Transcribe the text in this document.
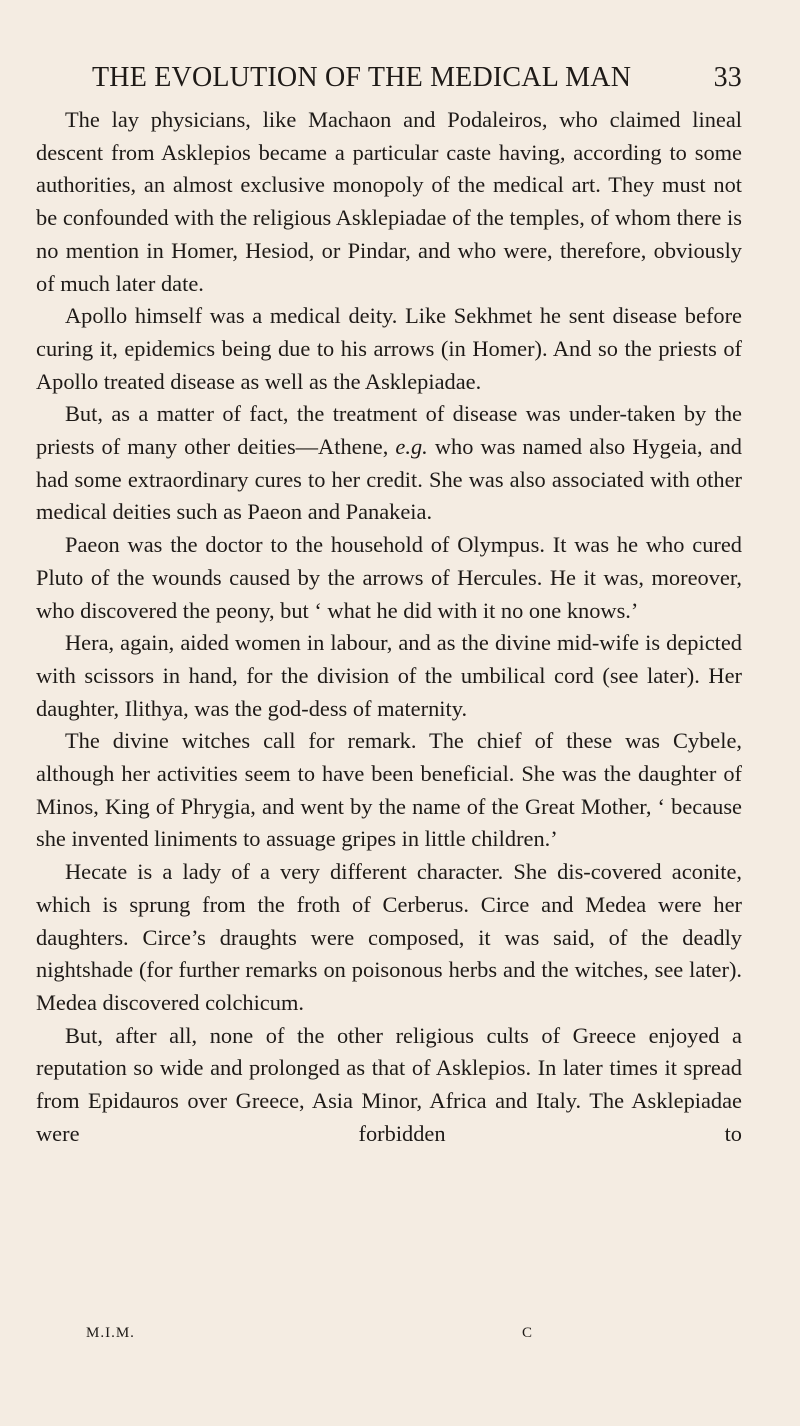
THE EVOLUTION OF THE MEDICAL MAN	33

The lay physicians, like Machaon and Podaleiros, who claimed lineal descent from Asklepios became a particular caste having, according to some authorities, an almost exclusive monopoly of the medical art. They must not be confounded with the religious Asklepiadae of the temples, of whom there is no mention in Homer, Hesiod, or Pindar, and who were, therefore, obviously of much later date.

Apollo himself was a medical deity. Like Sekhmet he sent disease before curing it, epidemics being due to his arrows (in Homer). And so the priests of Apollo treated disease as well as the Asklepiadae.

But, as a matter of fact, the treatment of disease was under-taken by the priests of many other deities—Athene, e.g. who was named also Hygeia, and had some extraordinary cures to her credit. She was also associated with other medical deities such as Paeon and Panakeia.

Paeon was the doctor to the household of Olympus. It was he who cured Pluto of the wounds caused by the arrows of Hercules. He it was, moreover, who discovered the peony, but ‘ what he did with it no one knows.’

Hera, again, aided women in labour, and as the divine mid-wife is depicted with scissors in hand, for the division of the umbilical cord (see later). Her daughter, Ilithya, was the god-dess of maternity.

The divine witches call for remark. The chief of these was Cybele, although her activities seem to have been beneficial. She was the daughter of Minos, King of Phrygia, and went by the name of the Great Mother, ‘ because she invented liniments to assuage gripes in little children.’

Hecate is a lady of a very different character. She dis-covered aconite, which is sprung from the froth of Cerberus. Circe and Medea were her daughters. Circe’s draughts were composed, it was said, of the deadly nightshade (for further remarks on poisonous herbs and the witches, see later). Medea discovered colchicum.

But, after all, none of the other religious cults of Greece enjoyed a reputation so wide and prolonged as that of Asklepios. In later times it spread from Epidauros over Greece, Asia Minor, Africa and Italy. The Asklepiadae were forbidden to

M.I.M.	C
